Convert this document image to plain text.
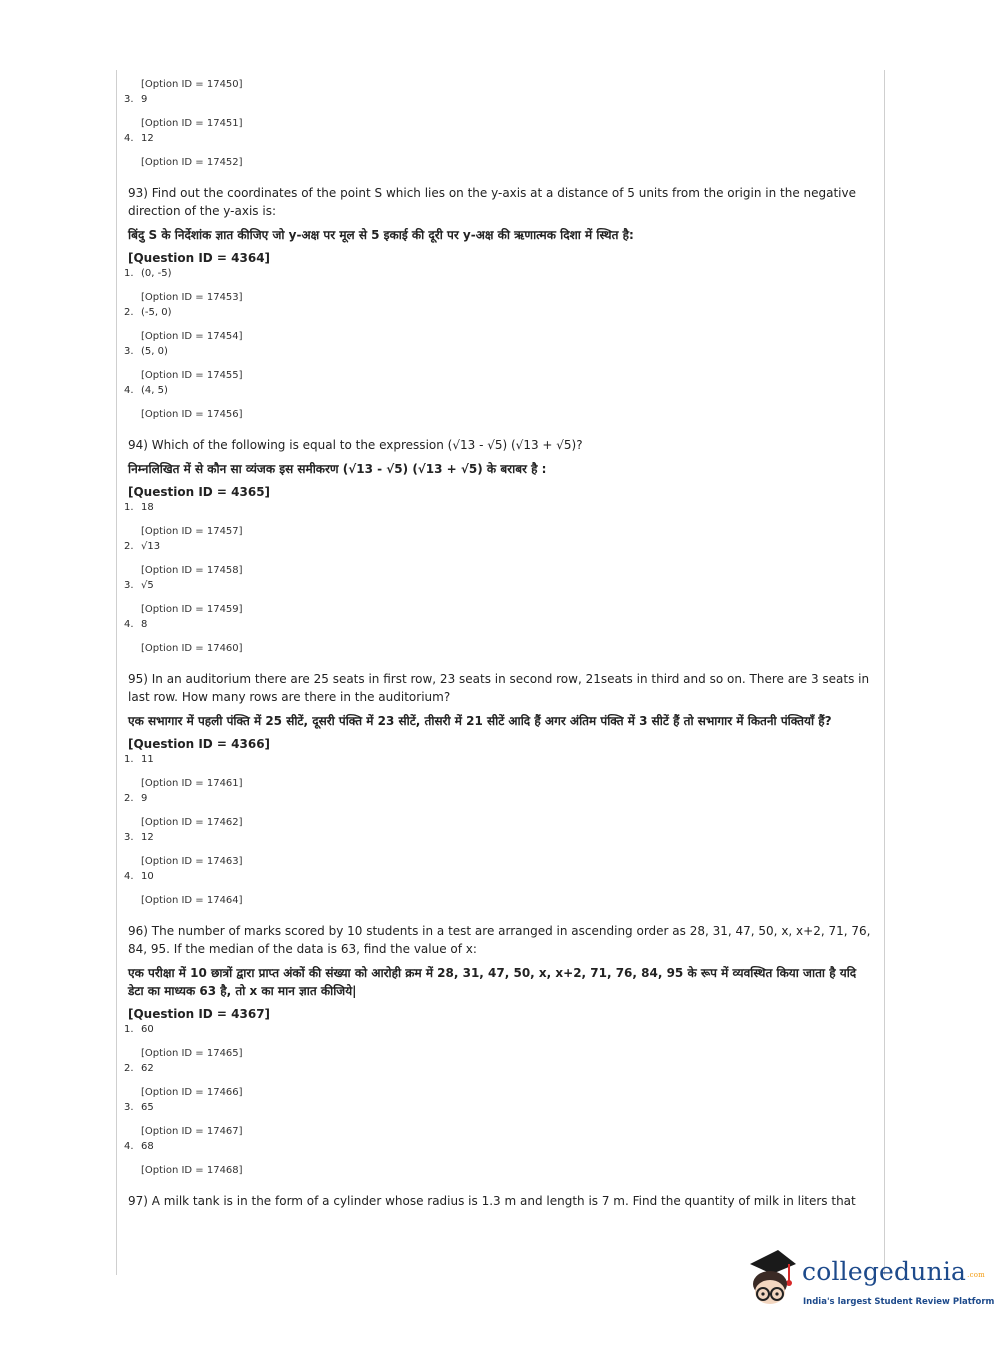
[Option ID = 17450]
3. 9
[Option ID = 17451]
4. 12
[Option ID = 17452]
93) Find out the coordinates of the point S which lies on the y-axis at a distance of 5 units from the origin in the negative direction of the y-axis is:
बिंदु S के निर्देशांक ज्ञात कीजिए जो y-अक्ष पर मूल से 5 इकाई की दूरी पर y-अक्ष की ऋणात्मक दिशा में स्थित है:
[Question ID = 4364]
1. (0, -5)
[Option ID = 17453]
2. (-5, 0)
[Option ID = 17454]
3. (5, 0)
[Option ID = 17455]
4. (4, 5)
[Option ID = 17456]
94) Which of the following is equal to the expression (√13 - √5) (√13 + √5)?
निम्नलिखित में से कौन सा व्यंजक इस समीकरण (√13 - √5) (√13 + √5) के बराबर है :
[Question ID = 4365]
1. 18
[Option ID = 17457]
2. √13
[Option ID = 17458]
3. √5
[Option ID = 17459]
4. 8
[Option ID = 17460]
95) In an auditorium there are 25 seats in first row, 23 seats in second row, 21seats in third and so on. There are 3 seats in last row. How many rows are there in the auditorium?
एक सभागार में पहली पंक्ति में 25 सीटें, दूसरी पंक्ति में 23 सीटें, तीसरी में 21 सीटें आदि हैं अगर अंतिम पंक्ति में 3 सीटें हैं तो सभागार में कितनी पंक्तियाँ हैं?
[Question ID = 4366]
1. 11
[Option ID = 17461]
2. 9
[Option ID = 17462]
3. 12
[Option ID = 17463]
4. 10
[Option ID = 17464]
96) The number of marks scored by 10 students in a test are arranged in ascending order as 28, 31, 47, 50, x, x+2, 71, 76, 84, 95. If the median of the data is 63, find the value of x:
एक परीक्षा में 10 छात्रों द्वारा प्राप्त अंकों की संख्या को आरोही क्रम में 28, 31, 47, 50, x, x+2, 71, 76, 84, 95 के रूप में व्यवस्थित किया जाता है यदि डेटा का माध्यक 63 है, तो x का मान ज्ञात कीजिये|
[Question ID = 4367]
1. 60
[Option ID = 17465]
2. 62
[Option ID = 17466]
3. 65
[Option ID = 17467]
4. 68
[Option ID = 17468]
97) A milk tank is in the form of a cylinder whose radius is 1.3 m and length is 7 m. Find the quantity of milk in liters that
collegedunia.com
India's largest Student Review Platform
